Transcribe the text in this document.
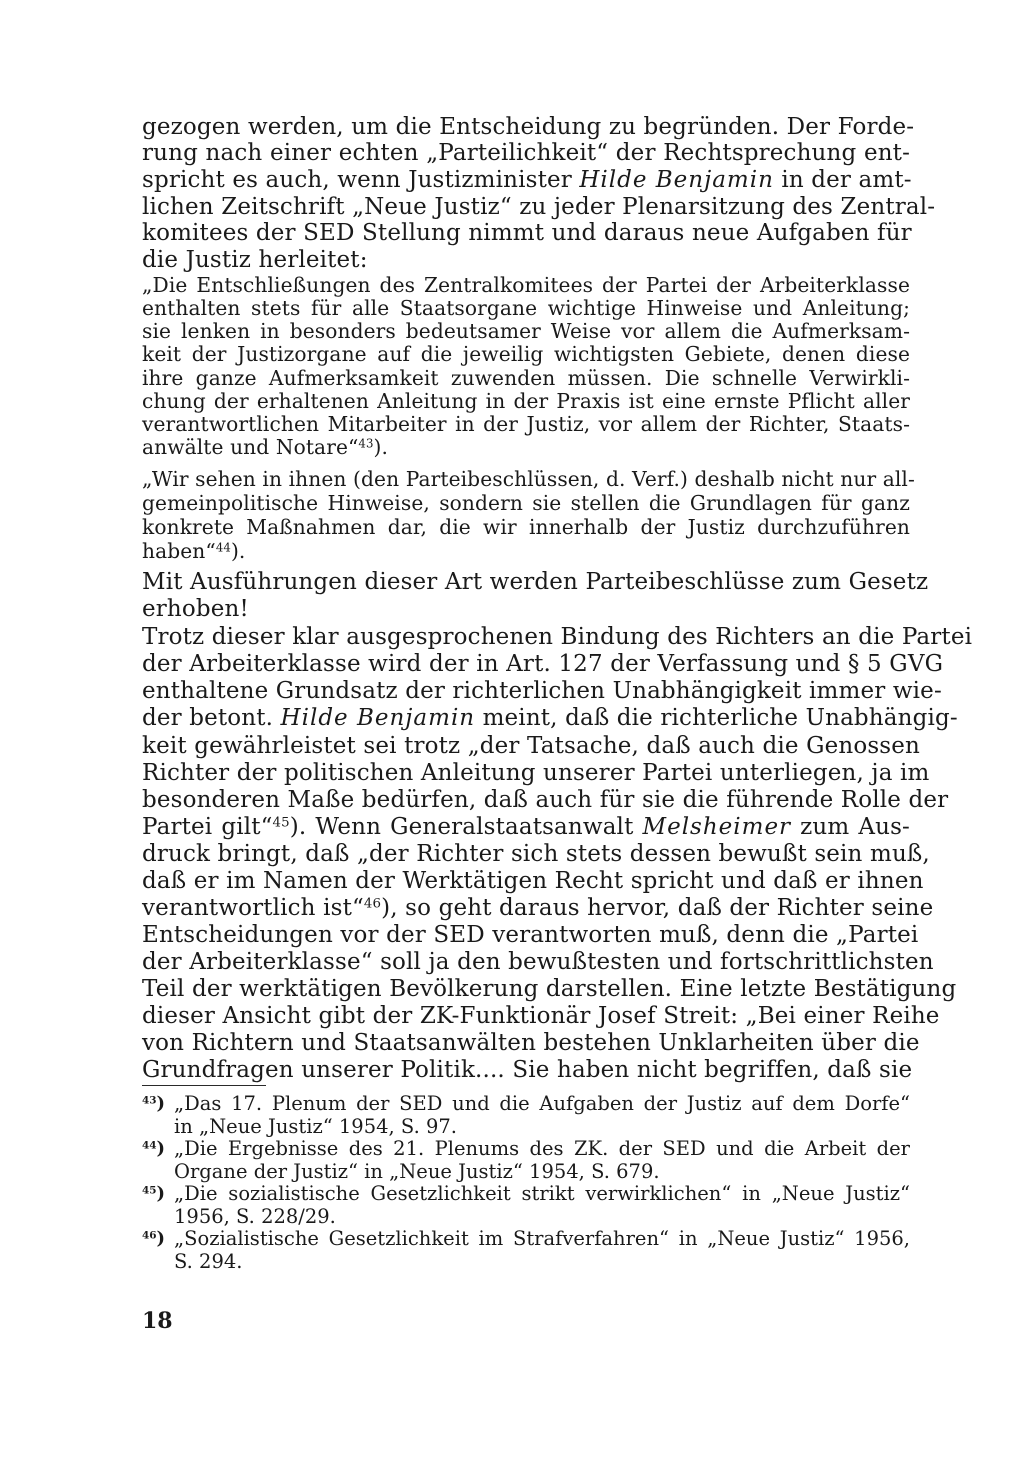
gezogen werden, um die Entscheidung zu begründen. Der Forde-
rung nach einer echten „Parteilichkeit“ der Rechtsprechung ent-
spricht es auch, wenn Justizminister Hilde Benjamin in der amt-
lichen Zeitschrift „Neue Justiz“ zu jeder Plenarsitzung des Zentral-
komitees der SED Stellung nimmt und daraus neue Aufgaben für
die Justiz herleitet:
„Die Entschließungen des Zentralkomitees der Partei der Arbeiterklasse
enthalten stets für alle Staatsorgane wichtige Hinweise und Anleitung;
sie lenken in besonders bedeutsamer Weise vor allem die Aufmerksam-
keit der Justizorgane auf die jeweilig wichtigsten Gebiete, denen diese
ihre ganze Aufmerksamkeit zuwenden müssen. Die schnelle Verwirkli-
chung der erhaltenen Anleitung in der Praxis ist eine ernste Pflicht aller
verantwortlichen Mitarbeiter in der Justiz, vor allem der Richter, Staats-
anwälte und Notare“$^{43}$).
„Wir sehen in ihnen (den Parteibeschlüssen, d. Verf.) deshalb nicht nur all-
gemeinpolitische Hinweise, sondern sie stellen die Grundlagen für ganz
konkrete Maßnahmen dar, die wir innerhalb der Justiz durchzuführen
haben“$^{44}$).
Mit Ausführungen dieser Art werden Parteibeschlüsse zum Gesetz
erhoben!
Trotz dieser klar ausgesprochenen Bindung des Richters an die Partei
der Arbeiterklasse wird der in Art. 127 der Verfassung und § 5 GVG
enthaltene Grundsatz der richterlichen Unabhängigkeit immer wie-
der betont. Hilde Benjamin meint, daß die richterliche Unabhängig-
keit gewährleistet sei trotz „der Tatsache, daß auch die Genossen
Richter der politischen Anleitung unserer Partei unterliegen, ja im
besonderen Maße bedürfen, daß auch für sie die führende Rolle der
Partei gilt“$^{45}$). Wenn Generalstaatsanwalt Melsheimer zum Aus-
druck bringt, daß „der Richter sich stets dessen bewußt sein muß,
daß er im Namen der Werktätigen Recht spricht und daß er ihnen
verantwortlich ist“$^{46}$), so geht daraus hervor, daß der Richter seine
Entscheidungen vor der SED verantworten muß, denn die „Partei
der Arbeiterklasse“ soll ja den bewußtesten und fortschrittlichsten
Teil der werktätigen Bevölkerung darstellen. Eine letzte Bestätigung
dieser Ansicht gibt der ZK-Funktionär Josef Streit: „Bei einer Reihe
von Richtern und Staatsanwälten bestehen Unklarheiten über die
Grundfragen unserer Politik.... Sie haben nicht begriffen, daß sie
$^{43}$) „Das 17. Plenum der SED und die Aufgaben der Justiz auf dem Dorfe“
in „Neue Justiz“ 1954, S. 97.
$^{44}$) „Die Ergebnisse des 21. Plenums des ZK. der SED und die Arbeit der
Organe der Justiz“ in „Neue Justiz“ 1954, S. 679.
$^{45}$) „Die sozialistische Gesetzlichkeit strikt verwirklichen“ in „Neue Justiz“
1956, S. 228/29.
$^{46}$) „Sozialistische Gesetzlichkeit im Strafverfahren“ in „Neue Justiz“ 1956,
S. 294.
18
